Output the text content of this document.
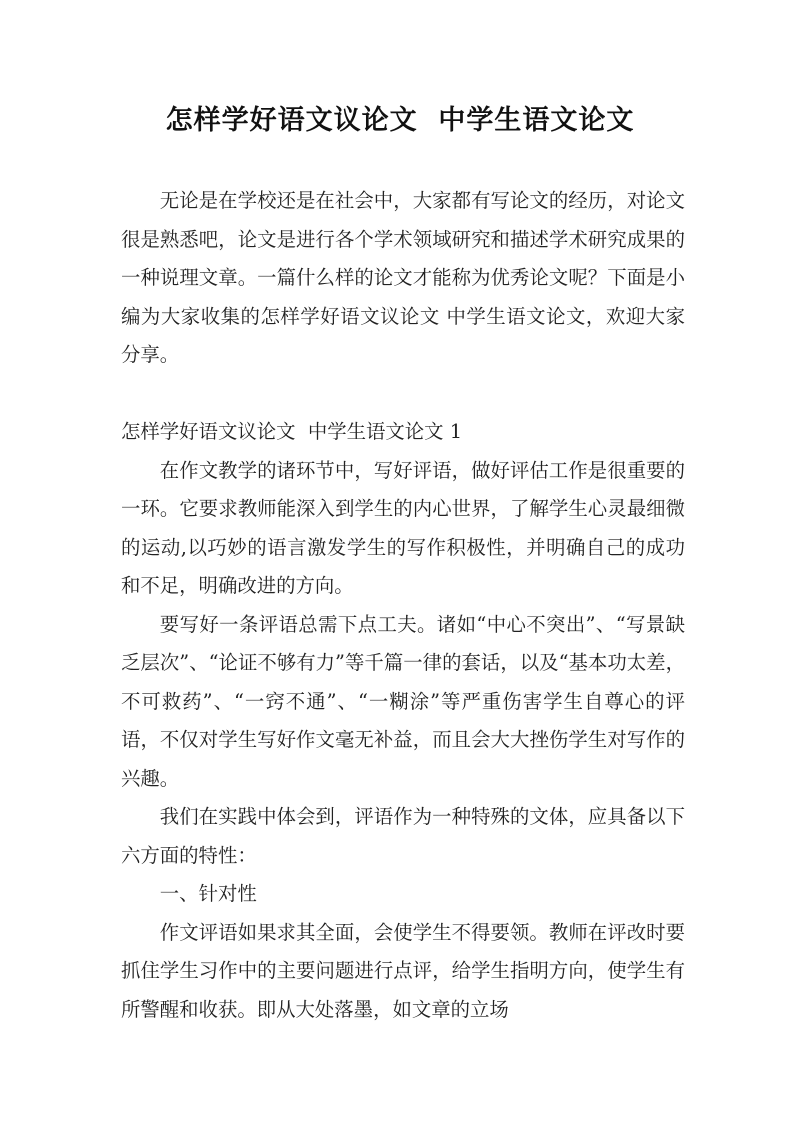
怎样学好语文议论文  中学生语文论文

无论是在学校还是在社会中，大家都有写论文的经历，对论文很是熟悉吧，论文是进行各个学术领域研究和描述学术研究成果的一种说理文章。一篇什么样的论文才能称为优秀论文呢？下面是小编为大家收集的怎样学好语文议论文 中学生语文论文，欢迎大家分享。

怎样学好语文议论文  中学生语文论文 1

在作文教学的诸环节中，写好评语，做好评估工作是很重要的一环。它要求教师能深入到学生的内心世界，了解学生心灵最细微的运动,以巧妙的语言激发学生的写作积极性，并明确自己的成功和不足，明确改进的方向。

要写好一条评语总需下点工夫。诸如“中心不突出”、“写景缺乏层次”、“论证不够有力”等千篇一律的套话，以及“基本功太差，不可救药”、“一窍不通”、“一糊涂”等严重伤害学生自尊心的评语，不仅对学生写好作文毫无补益，而且会大大挫伤学生对写作的兴趣。

我们在实践中体会到，评语作为一种特殊的文体，应具备以下六方面的特性：

一、针对性

作文评语如果求其全面，会使学生不得要领。教师在评改时要抓住学生习作中的主要问题进行点评，给学生指明方向，使学生有所警醒和收获。即从大处落墨，如文章的立场
